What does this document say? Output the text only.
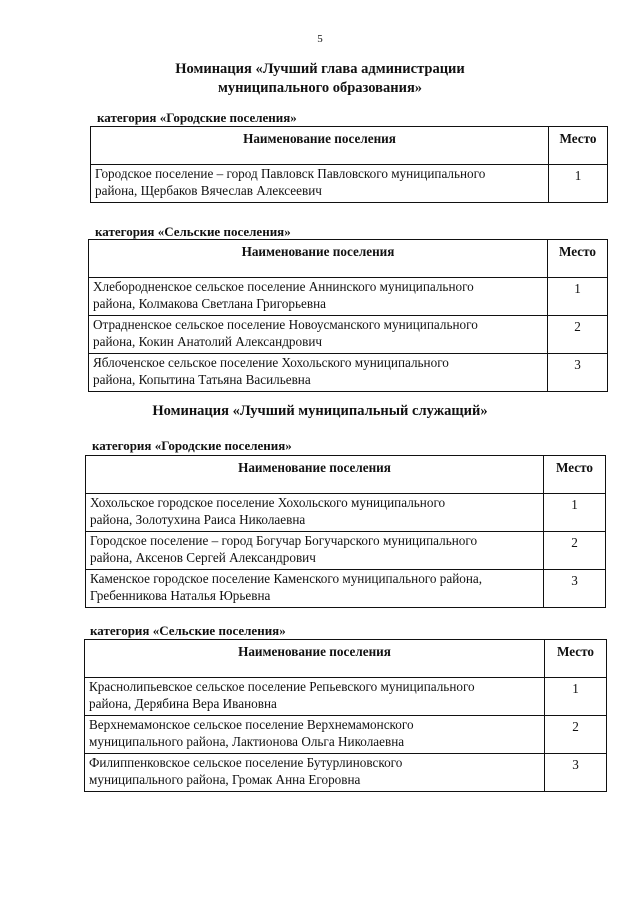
5
Номинация «Лучший глава администрации
муниципального образования»
категория «Городские поселения»
Наименование поселения	Место

Городское поселение – город Павловск Павловского муниципального
района, Щербаков Вячеслав Алексеевич	1
категория «Сельские поселения»
Наименование поселения	Место

Хлебородненское сельское поселение Аннинского муниципального
района, Колмакова Светлана Григорьевна	1

Отрадненское сельское поселение Новоусманского муниципального
района, Кокин Анатолий Александрович	2

Яблоченское сельское поселение Хохольского муниципального
района, Копытина Татьяна Васильевна	3
Номинация «Лучший муниципальный служащий»
категория «Городские поселения»
Наименование поселения	Место

Хохольское городское поселение Хохольского муниципального
района, Золотухина Раиса Николаевна	1

Городское поселение – город Богучар Богучарского муниципального
района, Аксенов Сергей Александрович	2

Каменское городское поселение Каменского муниципального района,
Гребенникова Наталья Юрьевна	3
категория «Сельские поселения»
Наименование поселения	Место

Краснолипьевское сельское поселение Репьевского муниципального
района, Дерябина Вера Ивановна	1

Верхнемамонское сельское поселение Верхнемамонского
муниципального района, Лактионова Ольга Николаевна	2

Филиппенковское сельское поселение Бутурлиновского
муниципального района, Громак Анна Егоровна	3
